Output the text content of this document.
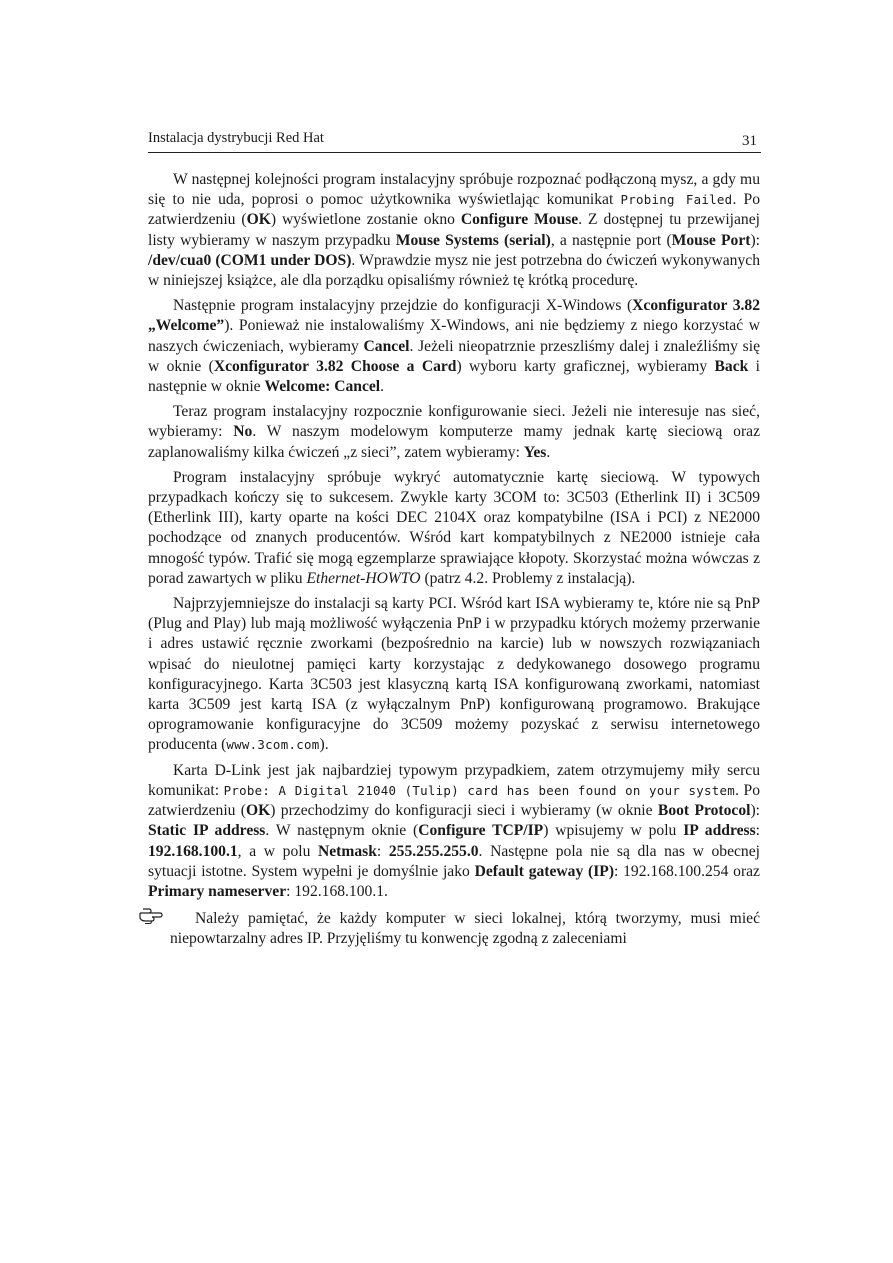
Instalacja dystrybucji Red Hat	31

W następnej kolejności program instalacyjny spróbuje rozpoznać podłączoną mysz, a gdy mu się to nie uda, poprosi o pomoc użytkownika wyświetlając komunikat Probing Failed. Po zatwierdzeniu (OK) wyświetlone zostanie okno Configure Mouse. Z dostępnej tu przewijanej listy wybieramy w naszym przypadku Mouse Systems (serial), a następnie port (Mouse Port): /dev/cua0 (COM1 under DOS). Wprawdzie mysz nie jest potrzebna do ćwiczeń wykonywanych w niniejszej książce, ale dla porządku opisaliśmy również tę krótką procedurę.

Następnie program instalacyjny przejdzie do konfiguracji X-Windows (Xconfigurator 3.82 „Welcome”). Ponieważ nie instalowaliśmy X-Windows, ani nie będziemy z niego korzystać w naszych ćwiczeniach, wybieramy Cancel. Jeżeli nieopatrznie przeszliśmy dalej i znaleźliśmy się w oknie (Xconfigurator 3.82 Choose a Card) wyboru karty graficznej, wybieramy Back i następnie w oknie Welcome: Cancel.

Teraz program instalacyjny rozpocznie konfigurowanie sieci. Jeżeli nie interesuje nas sieć, wybieramy: No. W naszym modelowym komputerze mamy jednak kartę sieciową oraz zaplanowaliśmy kilka ćwiczeń „z sieci”, zatem wybieramy: Yes.

Program instalacyjny spróbuje wykryć automatycznie kartę sieciową. W typowych przypadkach kończy się to sukcesem. Zwykle karty 3COM to: 3C503 (Etherlink II) i 3C509 (Etherlink III), karty oparte na kości DEC 2104X oraz kompatybilne (ISA i PCI) z NE2000 pochodzące od znanych producentów. Wśród kart kompatybilnych z NE2000 istnieje cała mnogość typów. Trafić się mogą egzemplarze sprawiające kłopoty. Skorzystać można wówczas z porad zawartych w pliku Ethernet-HOWTO (patrz 4.2. Problemy z instalacją).

Najprzyjemniejsze do instalacji są karty PCI. Wśród kart ISA wybieramy te, które nie są PnP (Plug and Play) lub mają możliwość wyłączenia PnP i w przypadku których możemy przerwanie i adres ustawić ręcznie zworkami (bezpośrednio na karcie) lub w nowszych rozwiązaniach wpisać do nieulotnej pamięci karty korzystając z dedykowanego dosowego programu konfiguracyjnego. Karta 3C503 jest klasyczną kartą ISA konfigurowaną zworkami, natomiast karta 3C509 jest kartą ISA (z wyłączalnym PnP) konfigurowaną programowo. Brakujące oprogramowanie konfiguracyjne do 3C509 możemy pozyskać z serwisu internetowego producenta (www.3com.com).

Karta D-Link jest jak najbardziej typowym przypadkiem, zatem otrzymujemy miły sercu komunikat: Probe: A Digital 21040 (Tulip) card has been found on your system. Po zatwierdzeniu (OK) przechodzimy do konfiguracji sieci i wybieramy (w oknie Boot Protocol): Static IP address. W następnym oknie (Configure TCP/IP) wpisujemy w polu IP address: 192.168.100.1, a w polu Netmask: 255.255.255.0. Następne pola nie są dla nas w obecnej sytuacji istotne. System wypełni je domyślnie jako Default gateway (IP): 192.168.100.254 oraz Primary nameserver: 192.168.100.1.

Należy pamiętać, że każdy komputer w sieci lokalnej, którą tworzymy, musi mieć niepowtarzalny adres IP. Przyjęliśmy tu konwencję zgodną z zaleceniami
